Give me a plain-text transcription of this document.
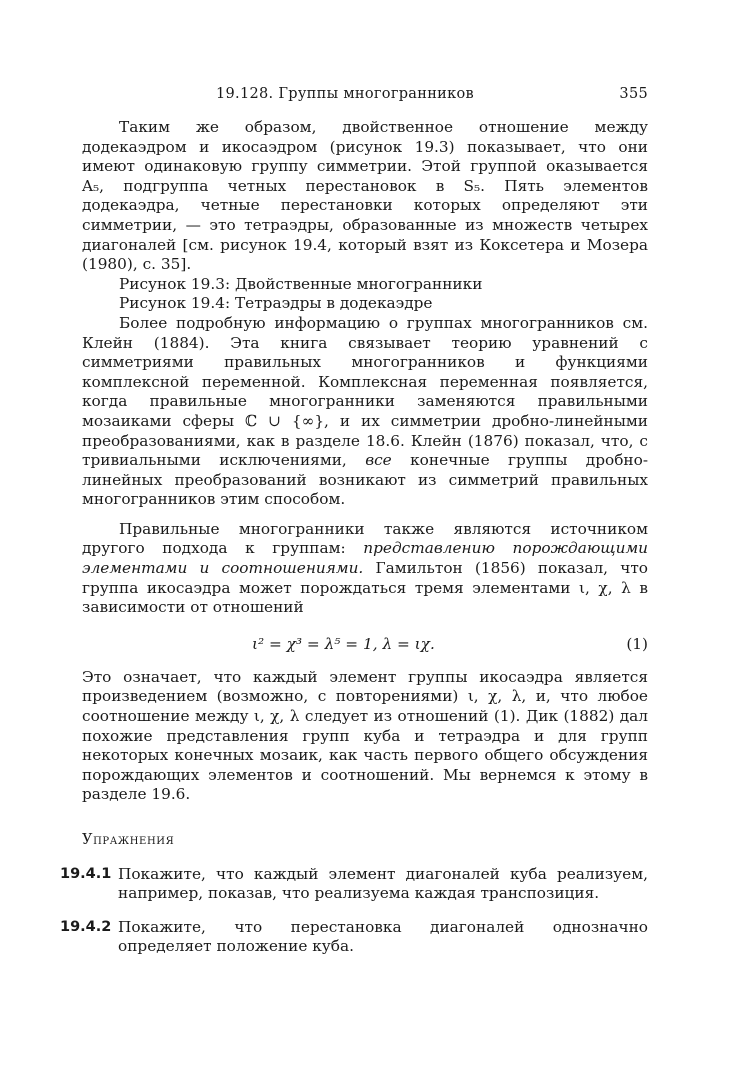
19.128. Группы многогранников	355

Таким же образом, двойственное отношение между додекаэдром и икосаэдром (рисунок 19.3) показывает, что они имеют одинаковую группу симметрии. Этой группой оказывается A₅, подгруппа четных перестановок в S₅. Пять элементов додекаэдра, четные перестановки которых определяют эти симметрии, — это тетраэдры, образованные из множеств четырех диагоналей [см. рисунок 19.4, который взят из Коксетера и Мозера (1980), с. 35].

Рисунок 19.3: Двойственные многогранники

Рисунок 19.4: Тетраэдры в додекаэдре

Более подробную информацию о группах многогранников см. Клейн (1884). Эта книга связывает теорию уравнений с симметриями правильных многогранников и функциями комплексной переменной. Комплексная переменная появляется, когда правильные многогранники заменяются правильными мозаиками сферы ℂ ∪ {∞}, и их симметрии дробно-линейными преобразованиями, как в разделе 18.6. Клейн (1876) показал, что, с тривиальными исключениями, все конечные группы дробно-линейных преобразований возникают из симметрий правильных многогранников этим способом.

Правильные многогранники также являются источником другого подхода к группам: представлению порождающими элементами и соотношениями. Гамильтон (1856) показал, что группа икосаэдра может порождаться тремя элементами ι, χ, λ в зависимости от отношений

ι² = χ³ = λ⁵ = 1, λ = ιχ.	(1)

Это означает, что каждый элемент группы икосаэдра является произведением (возможно, с повторениями) ι, χ, λ, и, что любое соотношение между ι, χ, λ следует из отношений (1). Дик (1882) дал похожие представления групп куба и тетраэдра и для групп некоторых конечных мозаик, как часть первого общего обсуждения порождающих элементов и соотношений. Мы вернемся к этому в разделе 19.6.

Упражнения
19.4.1 Покажите, что каждый элемент диагоналей куба реализуем, например, показав, что реализуема каждая транспозиция.

19.4.2 Покажите, что перестановка диагоналей однозначно определяет положение куба.
